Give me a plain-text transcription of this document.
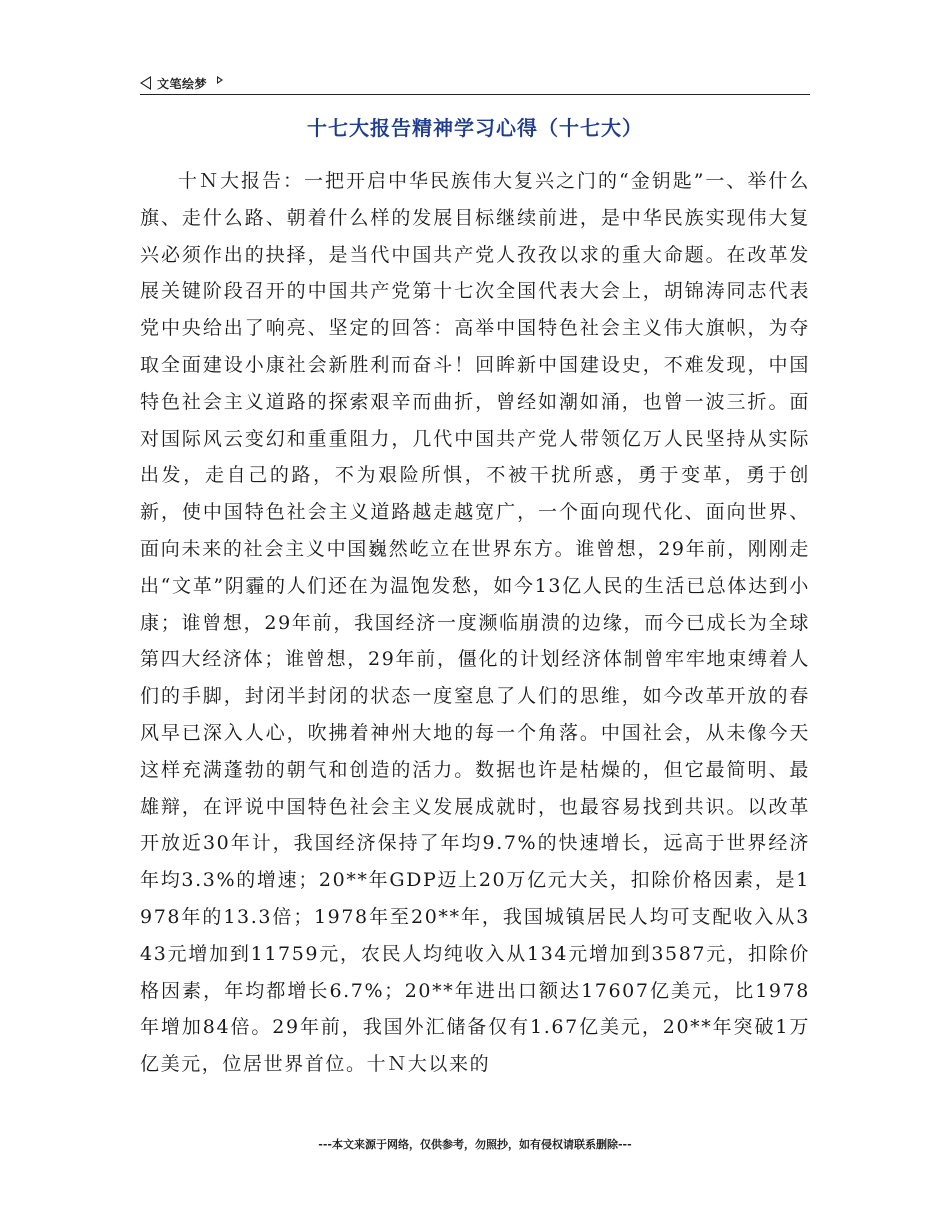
文笔绘梦
十七大报告精神学习心得（十七大）

十Ｎ大报告：一把开启中华民族伟大复兴之门的“金钥匙”一、举什么旗、走什么路、朝着什么样的发展目标继续前进，是中华民族实现伟大复兴必须作出的抉择，是当代中国共产党人孜孜以求的重大命题。在改革发展关键阶段召开的中国共产党第十七次全国代表大会上，胡锦涛同志代表党中央给出了响亮、坚定的回答：高举中国特色社会主义伟大旗帜，为夺取全面建设小康社会新胜利而奋斗！回眸新中国建设史，不难发现，中国特色社会主义道路的探索艰辛而曲折，曾经如潮如涌，也曾一波三折。面对国际风云变幻和重重阻力，几代中国共产党人带领亿万人民坚持从实际出发，走自己的路，不为艰险所惧，不被干扰所惑，勇于变革，勇于创新，使中国特色社会主义道路越走越宽广，一个面向现代化、面向世界、面向未来的社会主义中国巍然屹立在世界东方。谁曾想，29年前，刚刚走出“文革”阴霾的人们还在为温饱发愁，如今13亿人民的生活已总体达到小康；谁曾想，29年前，我国经济一度濒临崩溃的边缘，而今已成长为全球第四大经济体；谁曾想，29年前，僵化的计划经济体制曾牢牢地束缚着人们的手脚，封闭半封闭的状态一度窒息了人们的思维，如今改革开放的春风早已深入人心，吹拂着神州大地的每一个角落。中国社会，从未像今天这样充满蓬勃的朝气和创造的活力。数据也许是枯燥的，但它最简明、最雄辩，在评说中国特色社会主义发展成就时，也最容易找到共识。以改革开放近30年计，我国经济保持了年均9.7%的快速增长，远高于世界经济年均3.3%的增速；20**年GDP迈上20万亿元大关，扣除价格因素，是1978年的13.3倍；1978年至20**年，我国城镇居民人均可支配收入从343元增加到11759元，农民人均纯收入从134元增加到3587元，扣除价格因素，年均都增长6.7%；20**年进出口额达17607亿美元，比1978年增加84倍。29年前，我国外汇储备仅有1.67亿美元，20**年突破1万亿美元，位居世界首位。十Ｎ大以来的

---本文来源于网络，仅供参考，勿照抄，如有侵权请联系删除---
